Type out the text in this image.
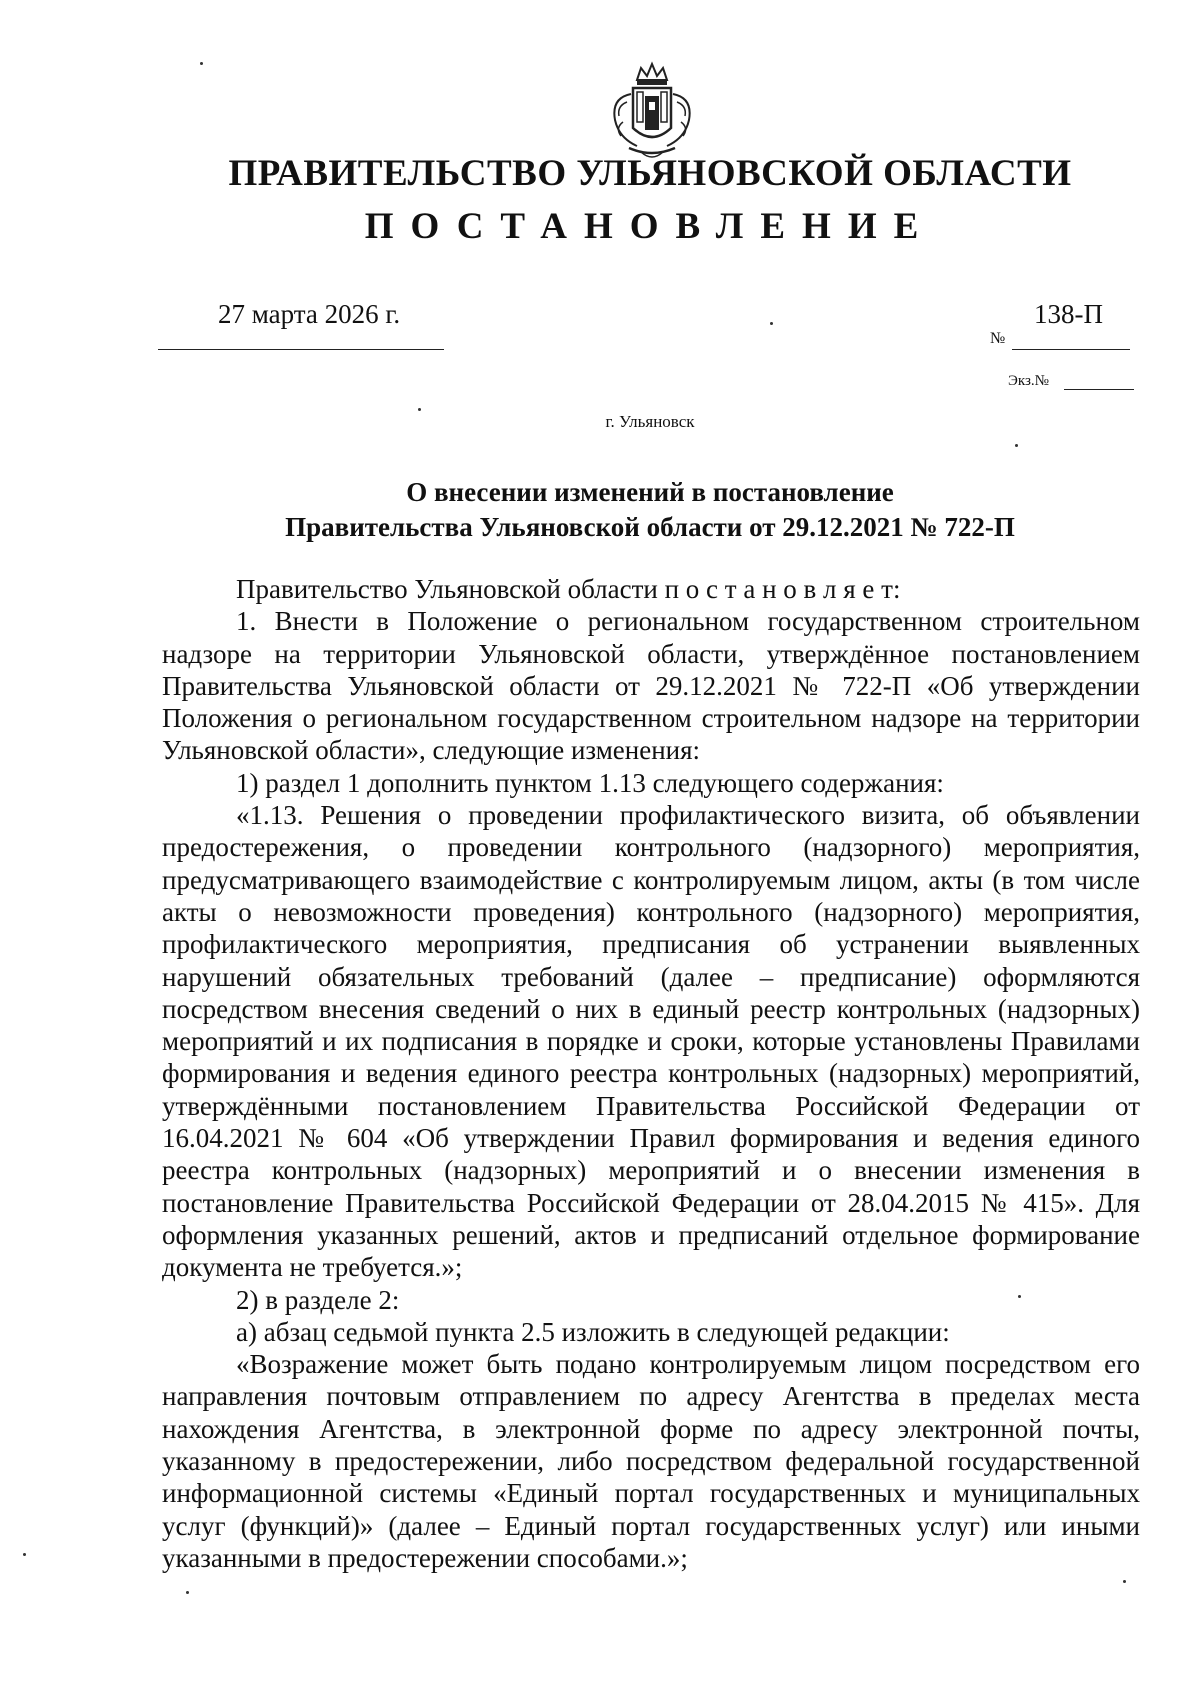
ПРАВИТЕЛЬСТВО УЛЬЯНОВСКОЙ ОБЛАСТИ
ПОСТАНОВЛЕНИЕ
27 марта 2026 г.	138-П
№
Экз.№
г. Ульяновск
О внесении изменений в постановление
Правительства Ульяновской области от 29.12.2021 № 722-П

Правительство Ульяновской области п о с т а н о в л я е т:

1. Внести в Положение о региональном государственном строительном надзоре на территории Ульяновской области, утверждённое постановлением Правительства Ульяновской области от 29.12.2021 № 722-П «Об утверждении Положения о региональном государственном строительном надзоре на территории Ульяновской области», следующие изменения:

1) раздел 1 дополнить пунктом 1.13 следующего содержания:

«1.13. Решения о проведении профилактического визита, об объявлении предостережения, о проведении контрольного (надзорного) мероприятия, предусматривающего взаимодействие с контролируемым лицом, акты (в том числе акты о невозможности проведения) контрольного (надзорного) мероприятия, профилактического мероприятия, предписания об устранении выявленных нарушений обязательных требований (далее – предписание) оформляются посредством внесения сведений о них в единый реестр контрольных (надзорных) мероприятий и их подписания в порядке и сроки, которые установлены Правилами формирования и ведения единого реестра контрольных (надзорных) мероприятий, утверждёнными постановлением Правительства Российской Федерации от 16.04.2021 № 604 «Об утверждении Правил формирования и ведения единого реестра контрольных (надзорных) мероприятий и о внесении изменения в постановление Правительства Российской Федерации от 28.04.2015 № 415». Для оформления указанных решений, актов и предписаний отдельное формирование документа не требуется.»;

2) в разделе 2:

а) абзац седьмой пункта 2.5 изложить в следующей редакции:

«Возражение может быть подано контролируемым лицом посредством его направления почтовым отправлением по адресу Агентства в пределах места нахождения Агентства, в электронной форме по адресу электронной почты, указанному в предостережении, либо посредством федеральной государственной информационной системы «Единый портал государственных и муниципальных услуг (функций)» (далее – Единый портал государственных услуг) или иными указанными в предостережении способами.»;
